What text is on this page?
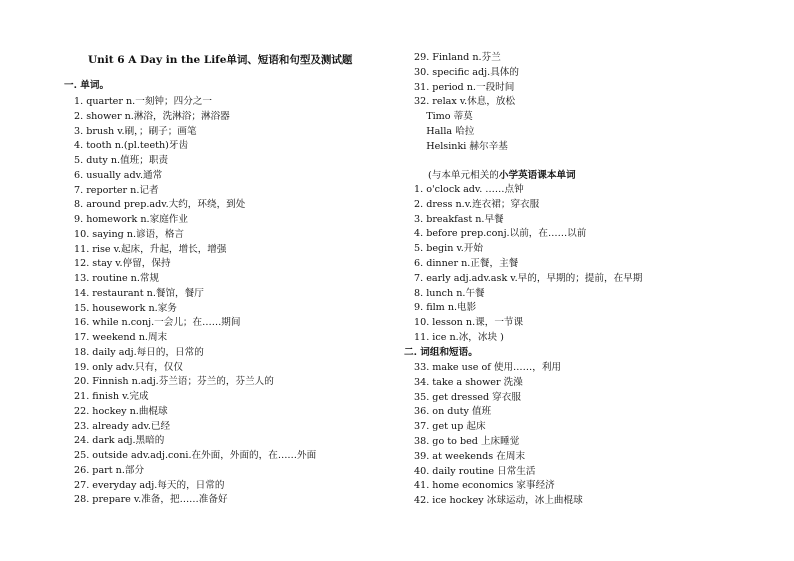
Unit 6 A Day in the Life单词、短语和句型及测试题
一. 单词。
1. quarter n.一刻钟；四分之一
2. shower n.淋浴，洗淋浴；淋浴器
3. brush v.刷，；刷子；画笔
4. tooth n.(pl.teeth)牙齿
5. duty n.值班；职责
6. usually adv.通常
7. reporter n.记者
8. around prep.adv.大约，环绕，到处
9. homework n.家庭作业
10. saying n.谚语，格言
11. rise v.起床，升起，增长，增强
12. stay v.停留，保持
13. routine n.常规
14. restaurant n.餐馆，餐厅
15. housework n.家务
16. while n.conj.一会儿；在……期间
17. weekend n.周末
18. daily adj.每日的，日常的
19. only adv.只有，仅仅
20. Finnish n.adj.芬兰语；芬兰的，芬兰人的
21. finish v.完成
22. hockey n.曲棍球
23. already adv.已经
24. dark adj.黑暗的
25. outside adv.adj.coni.在外面，外面的，在……外面
26. part n.部分
27. everyday adj.每天的，日常的
28. prepare v.准备，把……准备好
29. Finland n.芬兰
30. specific adj.具体的
31. period n.一段时间
32. relax v.休息，放松
Timo 蒂莫
Halla 哈拉
Helsinki 赫尔辛基
(与本单元相关的小学英语课本单词
1. o'clock adv. ……点钟
2. dress n.v.连衣裙；穿衣服
3. breakfast n.早餐
4. before prep.conj.以前，在……以前
5. begin v.开始
6. dinner n.正餐，主餐
7. early adj.adv.ask v.早的，早期的；提前，在早期
8. lunch n.午餐
9. film n.电影
10. lesson n.课，一节课
11. ice n.冰，冰块 )
二. 词组和短语。
33. make use of 使用……，利用
34. take a shower 洗澡
35. get dressed 穿衣服
36. on duty 值班
37. get up 起床
38. go to bed 上床睡觉
39. at weekends 在周末
40. daily routine 日常生活
41. home economics 家事经济
42. ice hockey 冰球运动，冰上曲棍球
